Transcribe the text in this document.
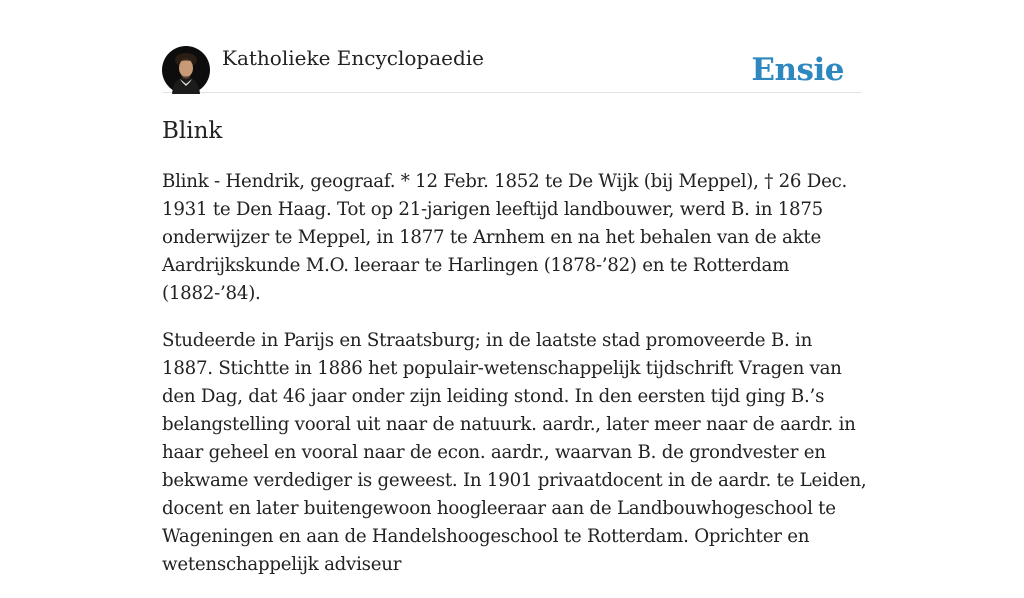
Katholieke Encyclopaedie	Ensie
Blink

Blink - Hendrik, geograaf. * 12 Febr. 1852 te De Wijk (bij Meppel), † 26 Dec. 1931 te Den Haag. Tot op 21-jarigen leeftijd landbouwer, werd B. in 1875 onderwijzer te Meppel, in 1877 te Arnhem en na het behalen van de akte Aardrijkskunde M.O. leeraar te Harlingen (1878-’82) en te Rotterdam (1882-’84).

Studeerde in Parijs en Straatsburg; in de laatste stad promoveerde B. in 1887. Stichtte in 1886 het populair-wetenschappelijk tijdschrift Vragen van den Dag, dat 46 jaar onder zijn leiding stond. In den eersten tijd ging B.’s belangstelling vooral uit naar de natuurk. aardr., later meer naar de aardr. in haar geheel en vooral naar de econ. aardr., waarvan B. de grondvester en bekwame verdediger is geweest. In 1901 privaatdocent in de aardr. te Leiden, docent en later buitengewoon hoogleeraar aan de Landbouwhogeschool te Wageningen en aan de Handelshoogeschool te Rotterdam. Oprichter en wetenschappelijk adviseur
